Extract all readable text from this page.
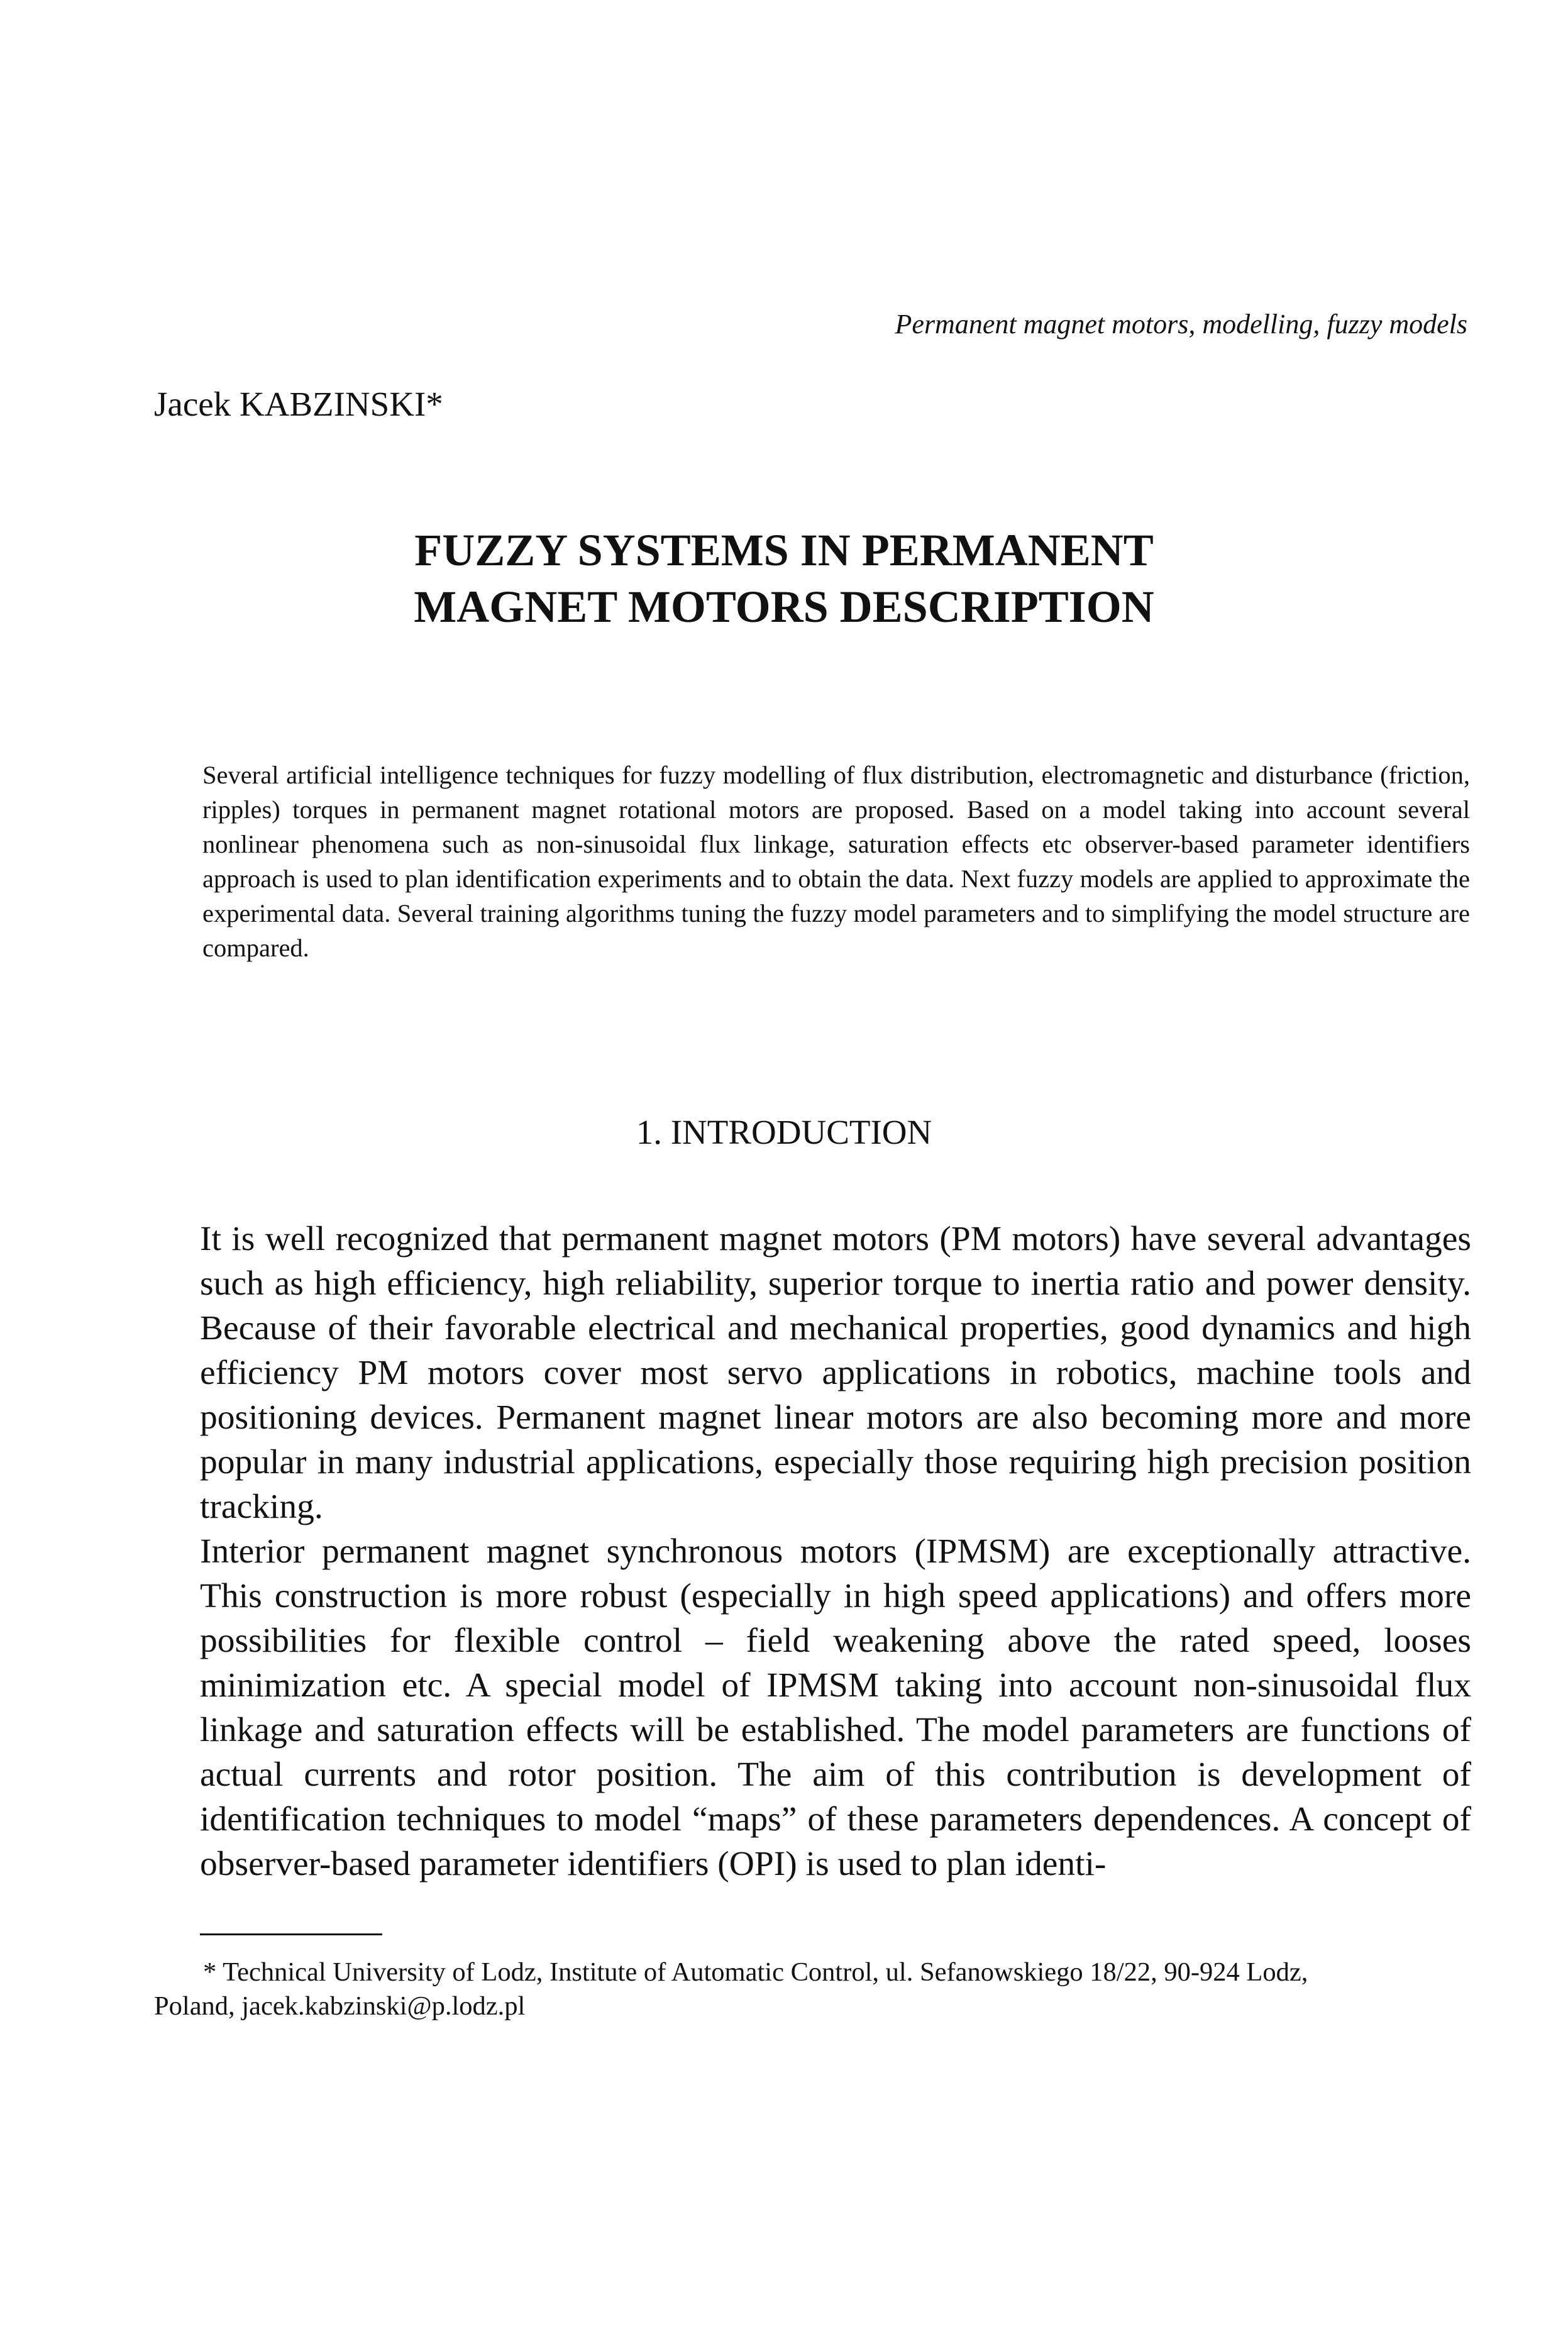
Permanent magnet motors, modelling, fuzzy models
Jacek KABZINSKI*
FUZZY SYSTEMS IN PERMANENT
MAGNET MOTORS DESCRIPTION

Several artificial intelligence techniques for fuzzy modelling of flux distribution, electromagnetic and disturbance (friction, ripples) torques in permanent magnet rotational motors are proposed. Based on a model taking into account several nonlinear phenomena such as non-sinusoidal flux linkage, saturation effects etc observer-based parameter identifiers approach is used to plan identification experiments and to obtain the data. Next fuzzy models are applied to approximate the experimental data. Several training algorithms tuning the fuzzy model parameters and to simplifying the model structure are compared.

1. INTRODUCTION

It is well recognized that permanent magnet motors (PM motors) have several advantages such as high efficiency, high reliability, superior torque to inertia ratio and power density. Because of their favorable electrical and mechanical properties, good dynamics and high efficiency PM motors cover most servo applications in robotics, machine tools and positioning devices. Permanent magnet linear motors are also becoming more and more popular in many industrial applications, especially those requiring high precision position tracking.

Interior permanent magnet synchronous motors (IPMSM) are exceptionally attractive. This construction is more robust (especially in high speed applications) and offers more possibilities for flexible control – field weakening above the rated speed, looses minimization etc. A special model of IPMSM taking into account non-sinusoidal flux linkage and saturation effects will be established. The model parameters are functions of actual currents and rotor position. The aim of this contribution is development of identification techniques to model “maps” of these parameters dependences. A concept of observer-based parameter identifiers (OPI) is used to plan identi-

* Technical University of Lodz, Institute of Automatic Control, ul. Sefanowskiego 18/22, 90-924 Lodz,
Poland, jacek.kabzinski@p.lodz.pl
